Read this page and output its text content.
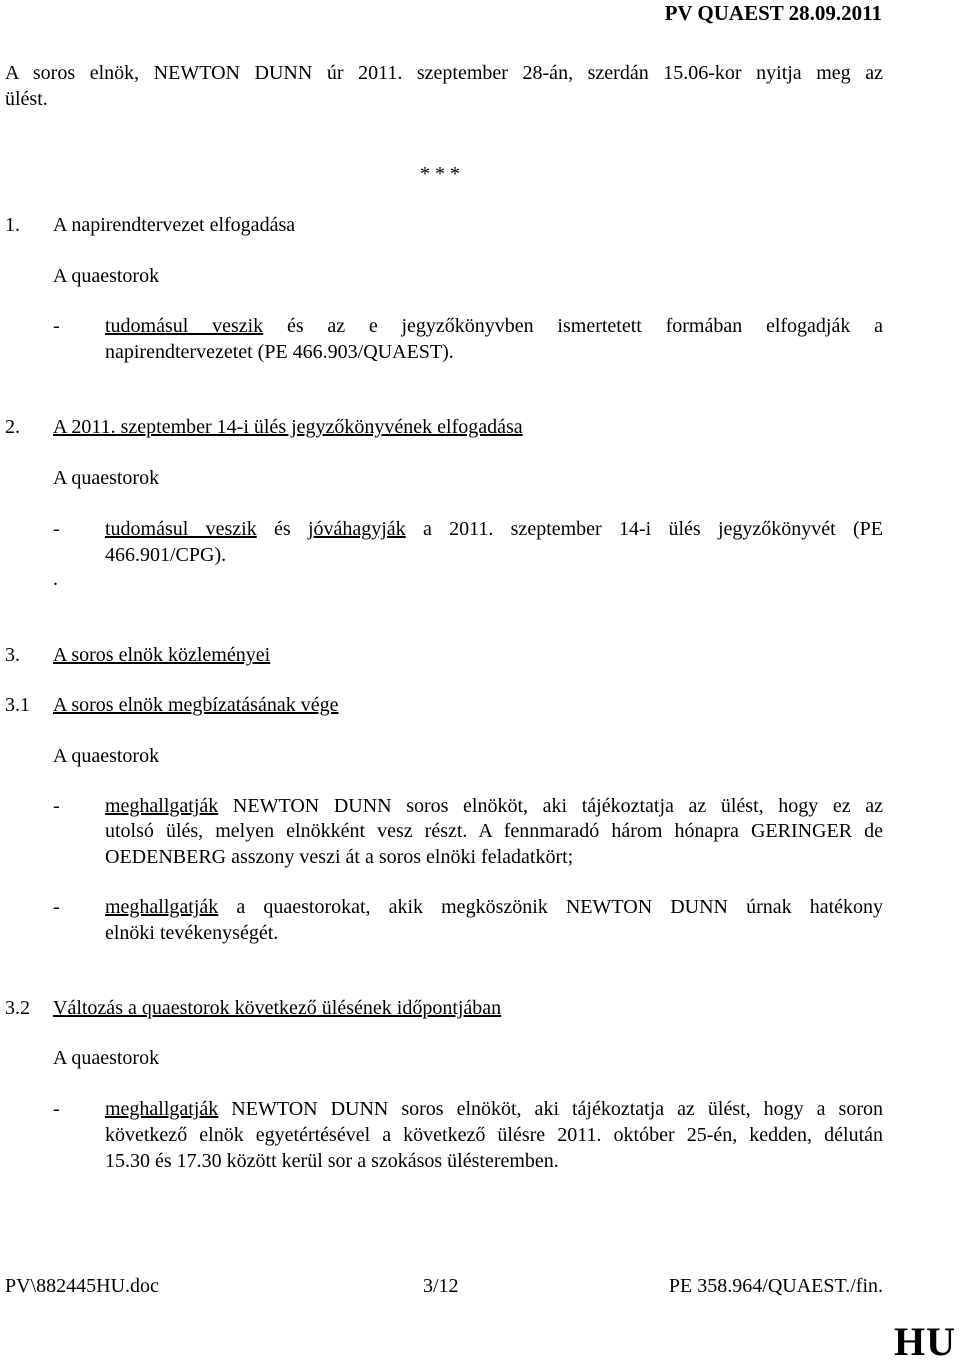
PV QUAEST 28.09.2011
A soros elnök, NEWTON DUNN úr 2011. szeptember 28-án, szerdán 15.06-kor nyitja meg az
ülést.
* * *
1. A napirendtervezet elfogadása
A quaestorok
- tudomásul veszik és az e jegyzőkönyvben ismertetett formában elfogadják a
napirendtervezetet (PE 466.903/QUAEST).
2. A 2011. szeptember 14-i ülés jegyzőkönyvének elfogadása
A quaestorok
- tudomásul veszik és jóváhagyják a 2011. szeptember 14-i ülés jegyzőkönyvét (PE
466.901/CPG).
.
3. A soros elnök közleményei
3.1 A soros elnök megbízatásának vége
A quaestorok
- meghallgatják NEWTON DUNN soros elnököt, aki tájékoztatja az ülést, hogy ez az
utolsó ülés, melyen elnökként vesz részt. A fennmaradó három hónapra GERINGER de
OEDENBERG asszony veszi át a soros elnöki feladatkört;
- meghallgatják a quaestorokat, akik megköszönik NEWTON DUNN úrnak hatékony
elnöki tevékenységét.
3.2 Változás a quaestorok következő ülésének időpontjában
A quaestorok
- meghallgatják NEWTON DUNN soros elnököt, aki tájékoztatja az ülést, hogy a soron
következő elnök egyetértésével a következő ülésre 2011. október 25-én, kedden, délután
15.30 és 17.30 között kerül sor a szokásos ülésteremben.
PV\882445HU.doc	3/12	PE 358.964/QUAEST./fin.
HU
